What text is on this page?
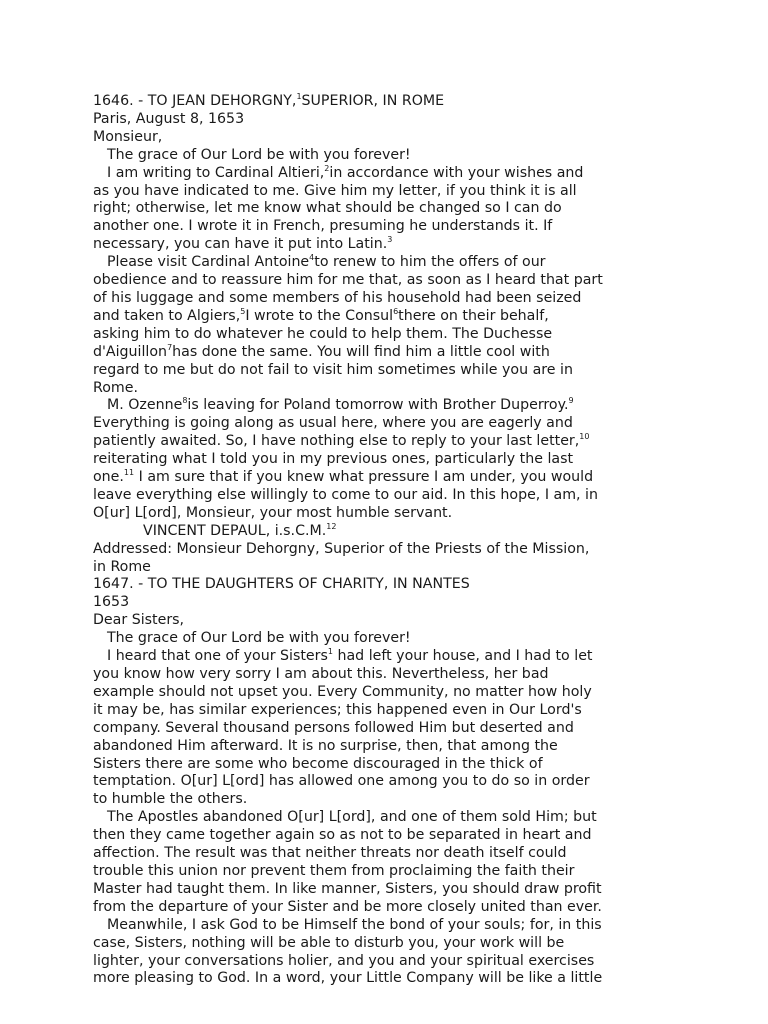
1646. - TO JEAN DEHORGNY,$^1$SUPERIOR, IN ROME
Paris, August 8, 1653
Monsieur,
The grace of Our Lord be with you forever!
I am writing to Cardinal Altieri,$^2$in accordance with your wishes and
as you have indicated to me. Give him my letter, if you think it is all
right; otherwise, let me know what should be changed so I can do
another one. I wrote it in French, presuming he understands it. If
necessary, you can have it put into Latin.$^3$
Please visit Cardinal Antoine$^4$to renew to him the offers of our
obedience and to reassure him for me that, as soon as I heard that part
of his luggage and some members of his household had been seized
and taken to Algiers,$^5$I wrote to the Consul$^6$there on their behalf,
asking him to do whatever he could to help them. The Duchesse
d'Aiguillon$^7$has done the same. You will find him a little cool with
regard to me but do not fail to visit him sometimes while you are in
Rome.
M. Ozenne$^8$is leaving for Poland tomorrow with Brother Duperroy.$^9$
Everything is going along as usual here, where you are eagerly and
patiently awaited. So, I have nothing else to reply to your last letter,$^{10}$
reiterating what I told you in my previous ones, particularly the last
one.$^{11}$ I am sure that if you knew what pressure I am under, you would
leave everything else willingly to come to our aid. In this hope, I am, in
O[ur] L[ord], Monsieur, your most humble servant.
VINCENT DEPAUL, i.s.C.M.$^{12}$
Addressed: Monsieur Dehorgny, Superior of the Priests of the Mission,
in Rome
1647. - TO THE DAUGHTERS OF CHARITY, IN NANTES
1653
Dear Sisters,
The grace of Our Lord be with you forever!
I heard that one of your Sisters$^1$ had left your house, and I had to let
you know how very sorry I am about this. Nevertheless, her bad
example should not upset you. Every Community, no matter how holy
it may be, has similar experiences; this happened even in Our Lord's
company. Several thousand persons followed Him but deserted and
abandoned Him afterward. It is no surprise, then, that among the
Sisters there are some who become discouraged in the thick of
temptation. O[ur] L[ord] has allowed one among you to do so in order
to humble the others.
The Apostles abandoned O[ur] L[ord], and one of them sold Him; but
then they came together again so as not to be separated in heart and
affection. The result was that neither threats nor death itself could
trouble this union nor prevent them from proclaiming the faith their
Master had taught them. In like manner, Sisters, you should draw profit
from the departure of your Sister and be more closely united than ever.
Meanwhile, I ask God to be Himself the bond of your souls; for, in this
case, Sisters, nothing will be able to disturb you, your work will be
lighter, your conversations holier, and you and your spiritual exercises
more pleasing to God. In a word, your Little Company will be like a little
